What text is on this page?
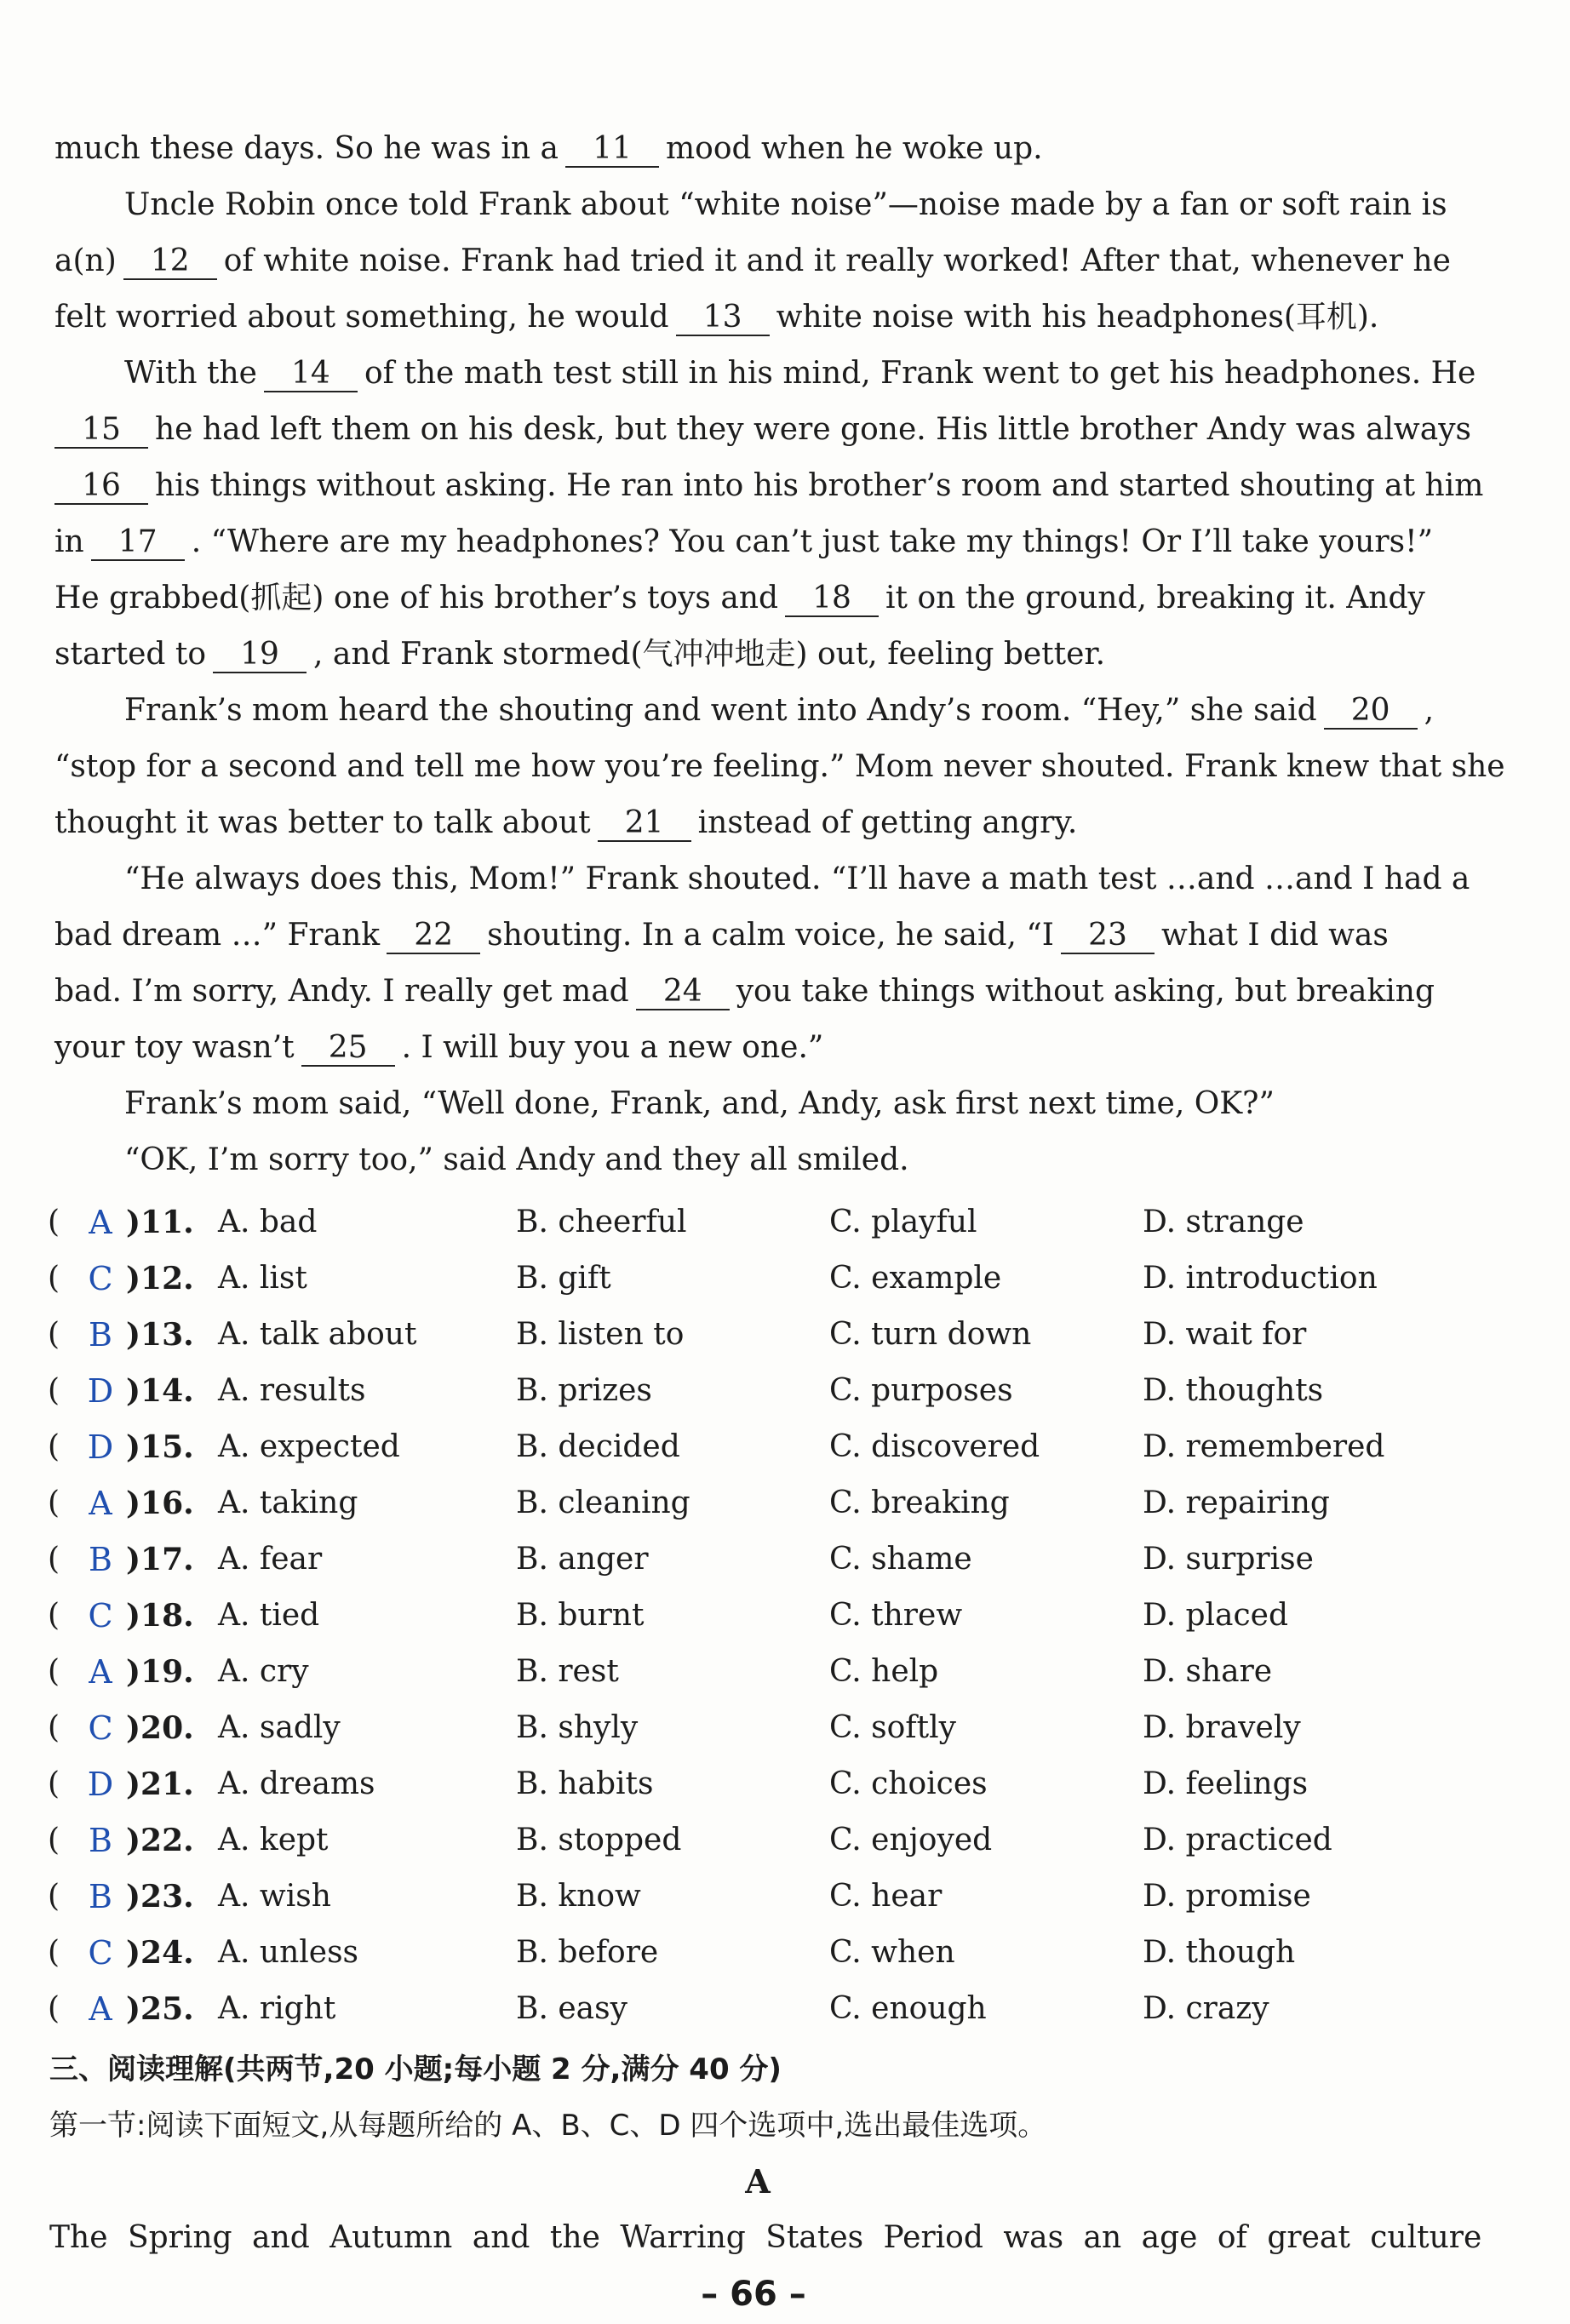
much these days. So he was in a 11 mood when he woke up.
Uncle Robin once told Frank about “white noise”—noise made by a fan or soft rain is
a(n) 12 of white noise. Frank had tried it and it really worked! After that, whenever he
felt worried about something, he would 13 white noise with his headphones(耳机).
With the 14 of the math test still in his mind, Frank went to get his headphones. He
15 he had left them on his desk, but they were gone. His little brother Andy was always
16 his things without asking. He ran into his brother’s room and started shouting at him
in 17 . “Where are my headphones? You can’t just take my things! Or I’ll take yours!”
He grabbed(抓起) one of his brother’s toys and 18 it on the ground, breaking it. Andy
started to 19 , and Frank stormed(气冲冲地走) out, feeling better.
Frank’s mom heard the shouting and went into Andy’s room. “Hey,” she said 20 ,
“stop for a second and tell me how you’re feeling.” Mom never shouted. Frank knew that she
thought it was better to talk about 21 instead of getting angry.
“He always does this, Mom!” Frank shouted. “I’ll have a math test …and …and I had a
bad dream …” Frank 22 shouting. In a calm voice, he said, “I 23 what I did was
bad. I’m sorry, Andy. I really get mad 24 you take things without asking, but breaking
your toy wasn’t 25 . I will buy you a new one.”
Frank’s mom said, “Well done, Frank, and, Andy, ask first next time, OK?”
“OK, I’m sorry too,” said Andy and they all smiled.
( A )11. A. bad	B. cheerful	C. playful	D. strange
( C )12. A. list	B. gift	C. example	D. introduction
( B )13. A. talk about	B. listen to	C. turn down	D. wait for
( D )14. A. results	B. prizes	C. purposes	D. thoughts
( D )15. A. expected	B. decided	C. discovered	D. remembered
( A )16. A. taking	B. cleaning	C. breaking	D. repairing
( B )17. A. fear	B. anger	C. shame	D. surprise
( C )18. A. tied	B. burnt	C. threw	D. placed
( A )19. A. cry	B. rest	C. help	D. share
( C )20. A. sadly	B. shyly	C. softly	D. bravely
( D )21. A. dreams	B. habits	C. choices	D. feelings
( B )22. A. kept	B. stopped	C. enjoyed	D. practiced
( B )23. A. wish	B. know	C. hear	D. promise
( C )24. A. unless	B. before	C. when	D. though
( A )25. A. right	B. easy	C. enough	D. crazy
三、阅读理解(共两节,20 小题;每小题 2 分,满分 40 分)
第一节:阅读下面短文,从每题所给的 A、B、C、D 四个选项中,选出最佳选项。
A
The Spring and Autumn and the Warring States Period was an age of great culture
– 66 –
